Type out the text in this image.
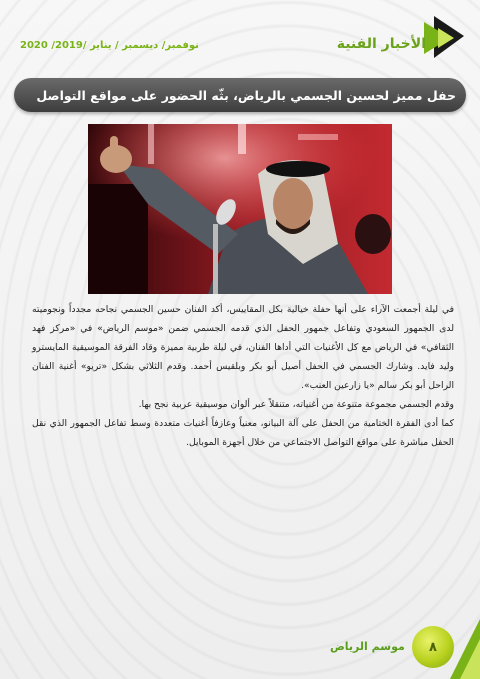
نوفمبر/ ديسمبر / يناير /2019/ 2020	الأخبار الفنية
حفل مميز لحسين الجسمي بالرياض، بثّه الحضور على مواقع التواصل

في ليلة أجمعت الآراء على أنها حفلة خيالية بكل المقاييس، أكد الفنان حسين الجسمي نجاحه مجدداً ونجوميته لدى الجمهور السعودي وتفاعل جمهور الحفل الذي قدمه الجسمي ضمن «موسم الرياض» في «مركز فهد الثقافي» في الرياض مع كل الأغنيات التي أداها الفنان، في ليلة طربية مميزة وقاد الفرقة الموسيقية المايسترو وليد فايد. وشارك الجسمي في الحفل أصيل أبو بكر وبلقيس أحمد. وقدم الثلاثي بشكل «تريو» أغنية الفنان الراحل أبو بكر سالم «يا زارعين العنب».

وقدم الجسمي مجموعة متنوعة من أغنياته، متنقلاً عبر ألوان موسيقية عربية نجح بها.

كما أدى الفقرة الختامية من الحفل على آلة البيانو، معنياً وعازفاً أغنيات متعددة وسط تفاعل الجمهور الذي نقل الحفل مباشرة على مواقع التواصل الاجتماعي من خلال أجهزة الموبايل.

موسم الرياض ٨
